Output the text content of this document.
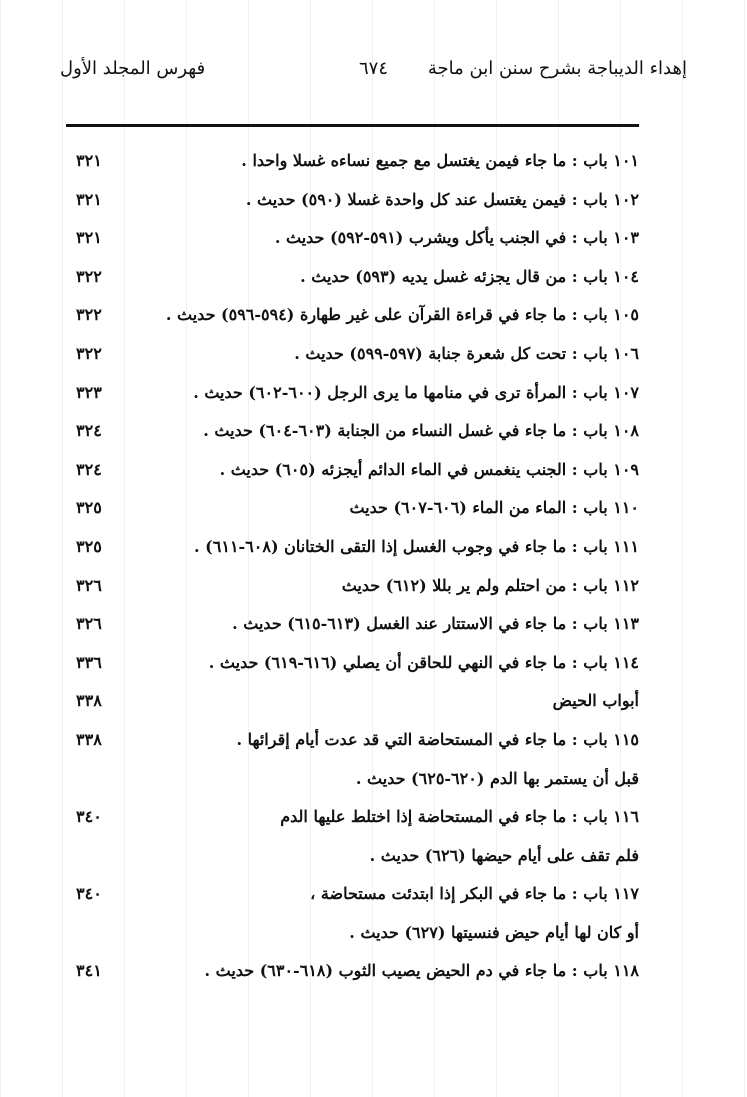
إهداء الديباجة بشرح سنن ابن ماجة
٦٧٤
فهرس المجلد الأول
١٠١ باب : ما جاء فيمن يغتسل مع جميع نساءه غسلا واحدا .
٣٢١
١٠٢ باب : فيمن يغتسل عند كل واحدة غسلا (٥٩٠) حديث .
٣٢١
١٠٣ باب : في الجنب يأكل ويشرب (٥٩١-٥٩٢) حديث .
٣٢١
١٠٤ باب : من قال يجزئه غسل يديه (٥٩٣) حديث .
٣٢٢
١٠٥ باب : ما جاء في قراءة القرآن على غير طهارة (٥٩٤-٥٩٦) حديث .
٣٢٢
١٠٦ باب : تحت كل شعرة جنابة (٥٩٧-٥٩٩) حديث .
٣٢٢
١٠٧ باب : المرأة ترى في منامها ما يرى الرجل (٦٠٠-٦٠٢) حديث .
٣٢٣
١٠٨ باب : ما جاء في غسل النساء من الجنابة (٦٠٣-٦٠٤) حديث .
٣٢٤
١٠٩ باب : الجنب ينغمس في الماء الدائم أيجزئه (٦٠٥) حديث .
٣٢٤
١١٠ باب : الماء من الماء (٦٠٦-٦٠٧) حديث
٣٢٥
١١١ باب : ما جاء في وجوب الغسل إذا التقى الختانان (٦٠٨-٦١١) .
٣٢٥
١١٢ باب : من احتلم ولم ير بللا (٦١٢) حديث
٣٢٦
١١٣ باب : ما جاء في الاستتار عند الغسل (٦١٣-٦١٥) حديث .
٣٢٦
١١٤ باب : ما جاء في النهي للحاقن أن يصلي (٦١٦-٦١٩) حديث .
٣٣٦
أبواب الحيض
٣٣٨
١١٥ باب : ما جاء في المستحاضة التي قد عدت أيام إقرائها .
٣٣٨
قبل أن يستمر بها الدم (٦٢٠-٦٢٥) حديث .
١١٦ باب : ما جاء في المستحاضة إذا اختلط عليها الدم
٣٤٠
فلم تقف على أيام حيضها (٦٢٦) حديث .
١١٧ باب : ما جاء في البكر إذا ابتدئت مستحاضة ،
٣٤٠
أو كان لها أيام حيض فنسيتها (٦٢٧) حديث .
١١٨ باب : ما جاء في دم الحيض يصيب الثوب (٦١٨-٦٣٠) حديث .
٣٤١
